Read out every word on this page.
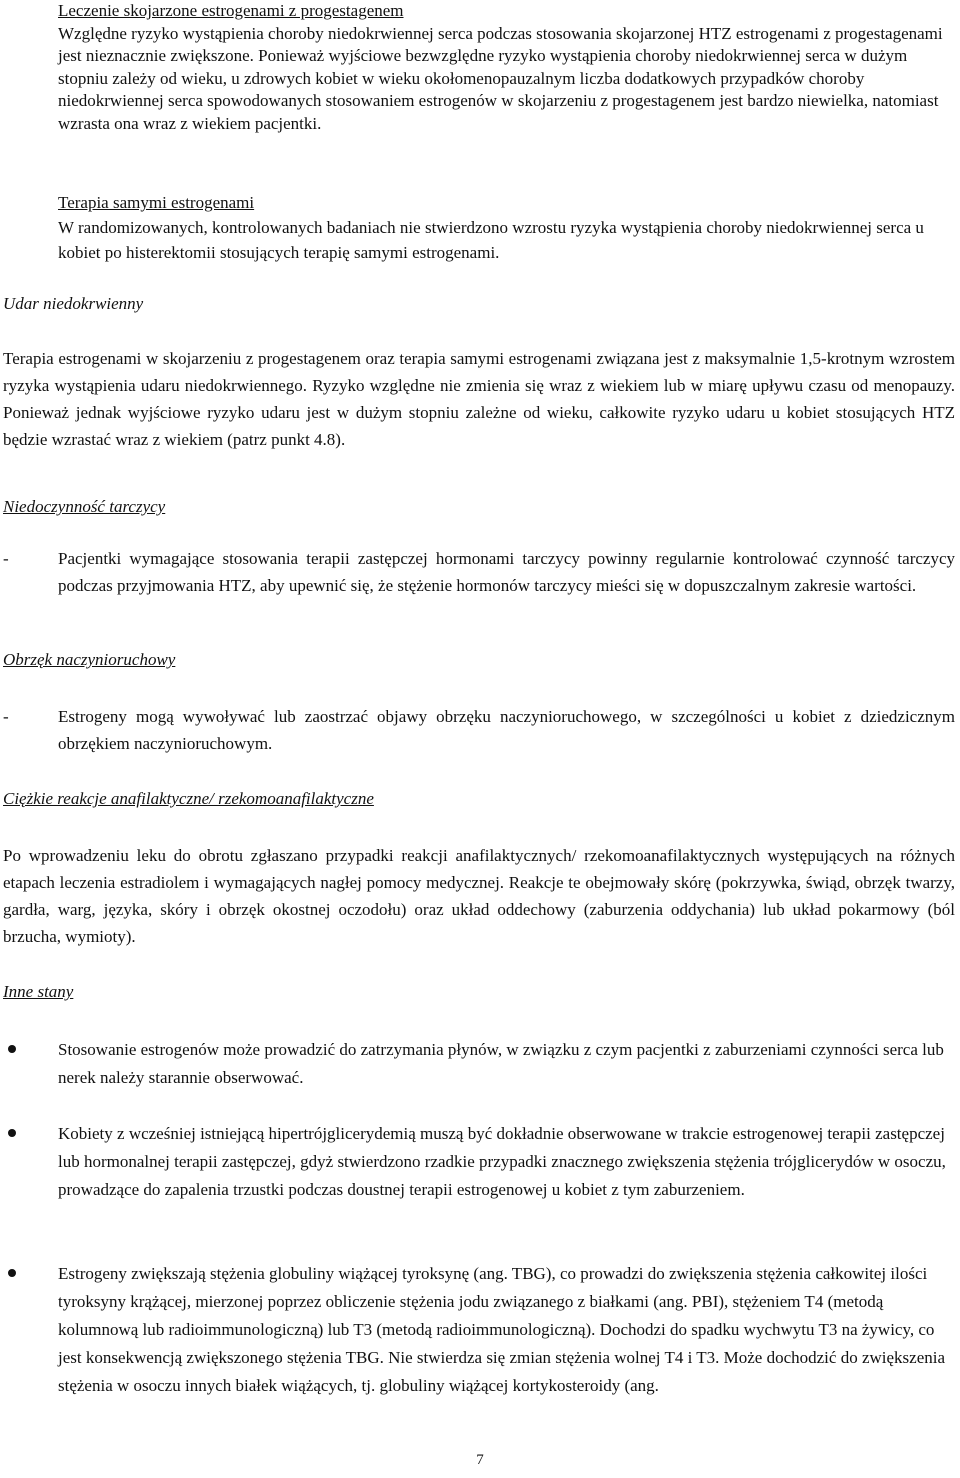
Leczenie skojarzone estrogenami z progestagenem
Względne ryzyko wystąpienia choroby niedokrwiennej serca podczas stosowania skojarzonej HTZ estrogenami z progestagenami jest nieznacznie zwiększone. Ponieważ wyjściowe bezwzględne ryzyko wystąpienia choroby niedokrwiennej serca w dużym stopniu zależy od wieku, u zdrowych kobiet w wieku okołomenopauzalnym liczba dodatkowych przypadków choroby niedokrwiennej serca spowodowanych stosowaniem estrogenów w skojarzeniu z progestagenem jest bardzo niewielka, natomiast wzrasta ona wraz z wiekiem pacjentki.
Terapia samymi estrogenami
W randomizowanych, kontrolowanych badaniach nie stwierdzono wzrostu ryzyka wystąpienia choroby niedokrwiennej serca u kobiet po histerektomii stosujących terapię samymi estrogenami.
Udar niedokrwienny
Terapia estrogenami w skojarzeniu z progestagenem oraz terapia samymi estrogenami związana jest z maksymalnie 1,5-krotnym wzrostem ryzyka wystąpienia udaru niedokrwiennego. Ryzyko względne nie zmienia się wraz z wiekiem lub w miarę upływu czasu od menopauzy. Ponieważ jednak wyjściowe ryzyko udaru jest w dużym stopniu zależne od wieku, całkowite ryzyko udaru u kobiet stosujących HTZ będzie wzrastać wraz z wiekiem (patrz punkt 4.8).
Niedoczynność tarczycy
-	Pacjentki wymagające stosowania terapii zastępczej hormonami tarczycy powinny regularnie kontrolować czynność tarczycy podczas przyjmowania HTZ, aby upewnić się, że stężenie hormonów tarczycy mieści się w dopuszczalnym zakresie wartości.
Obrzęk naczynioruchowy
-	Estrogeny mogą wywoływać lub zaostrzać objawy obrzęku naczynioruchowego, w szczególności u kobiet z dziedzicznym obrzękiem naczynioruchowym.
Ciężkie reakcje anafilaktyczne/ rzekomoanafilaktyczne
Po wprowadzeniu leku do obrotu zgłaszano przypadki reakcji anafilaktycznych/ rzekomoanafilaktycznych występujących na różnych etapach leczenia estradiolem i wymagających nagłej pomocy medycznej. Reakcje te obejmowały skórę (pokrzywka, świąd, obrzęk twarzy, gardła, warg, języka, skóry i obrzęk okostnej oczodołu) oraz układ oddechowy (zaburzenia oddychania) lub układ pokarmowy (ból brzucha, wymioty).
Inne stany
Stosowanie estrogenów może prowadzić do zatrzymania płynów, w związku z czym pacjentki z zaburzeniami czynności serca lub nerek należy starannie obserwować.
Kobiety z wcześniej istniejącą hipertrójglicerydemią muszą być dokładnie obserwowane w trakcie estrogenowej terapii zastępczej lub hormonalnej terapii zastępczej, gdyż stwierdzono rzadkie przypadki znacznego zwiększenia stężenia trójglicerydów w osoczu, prowadzące do zapalenia trzustki podczas doustnej terapii estrogenowej u kobiet z tym zaburzeniem.
Estrogeny zwiększają stężenia globuliny wiążącej tyroksynę (ang. TBG), co prowadzi do zwiększenia stężenia całkowitej ilości tyroksyny krążącej, mierzonej poprzez obliczenie stężenia jodu związanego z białkami (ang. PBI), stężeniem T4 (metodą kolumnową lub radioimmunologiczną) lub T3 (metodą radioimmunologiczną). Dochodzi do spadku wychwytu T3 na żywicy, co jest konsekwencją zwiększonego stężenia TBG. Nie stwierdza się zmian stężenia wolnej T4 i T3. Może dochodzić do zwiększenia stężenia w osoczu innych białek wiążących, tj. globuliny wiążącej kortykosteroidy (ang.
7
